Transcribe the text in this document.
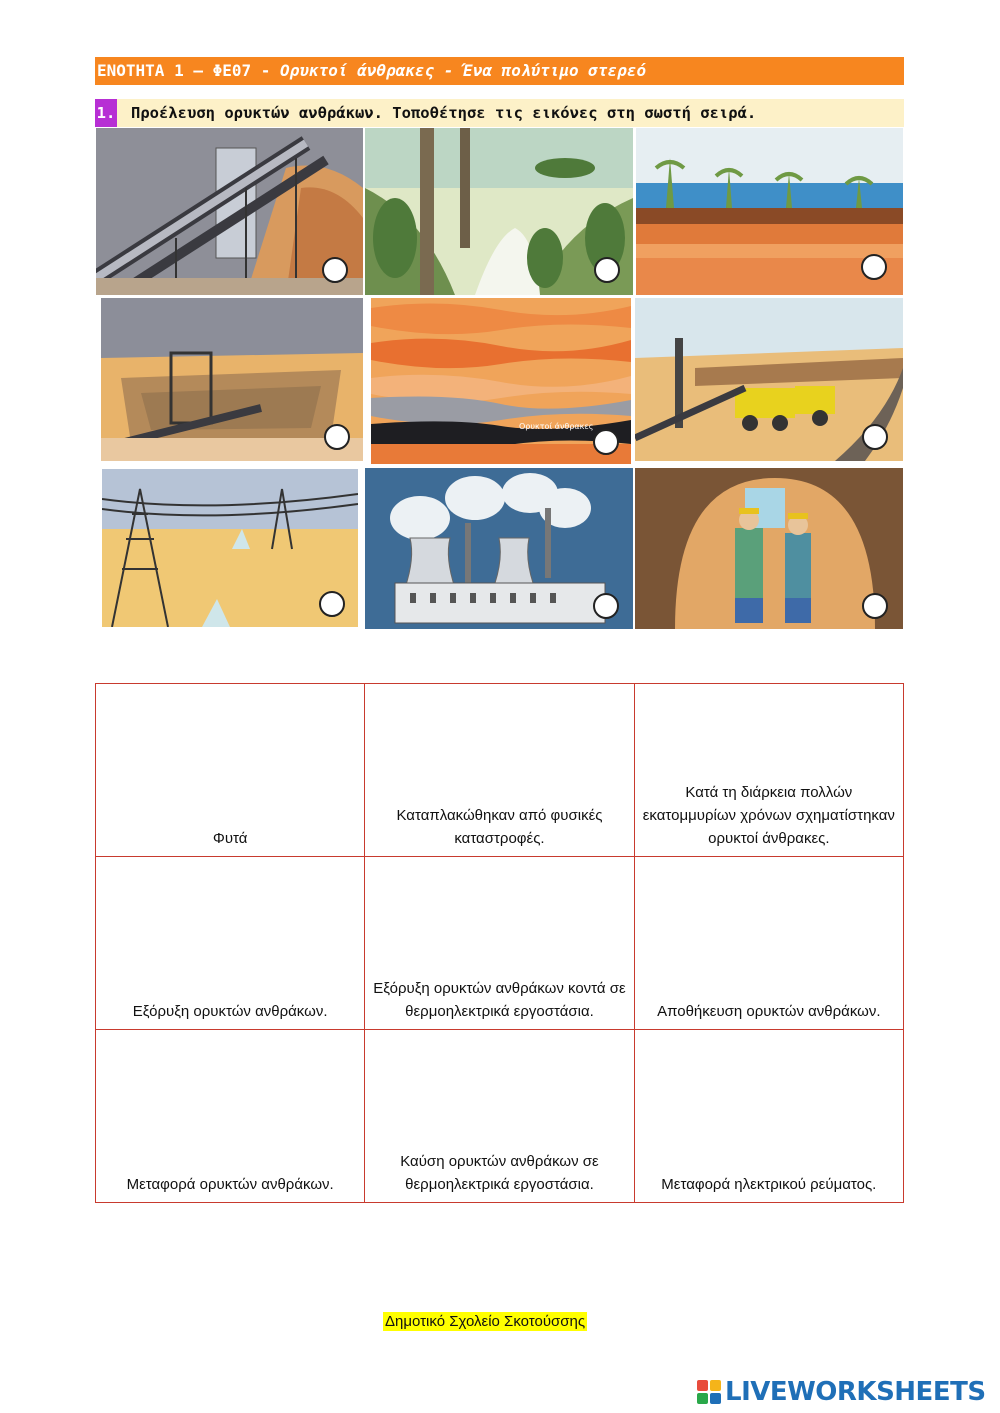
ΕΝΟΤΗΤΑ 1 – ΦΕ07 - Ορυκτοί άνθρακες - Ένα πολύτιμο στερεό
1. Προέλευση ορυκτών ανθράκων. Τοποθέτησε τις εικόνες στη σωστή σειρά.
Ορυκτοί άνθρακες
Φυτά	Καταπλακώθηκαν από φυσικές καταστροφές.	Κατά τη διάρκεια πολλών εκατομμυρίων χρόνων σχηματίστηκαν ορυκτοί άνθρακες.
Εξόρυξη ορυκτών ανθράκων.	Εξόρυξη ορυκτών ανθράκων κοντά σε θερμοηλεκτρικά εργοστάσια.	Αποθήκευση ορυκτών ανθράκων.
Μεταφορά ορυκτών ανθράκων.	Καύση ορυκτών ανθράκων σε θερμοηλεκτρικά εργοστάσια.	Μεταφορά ηλεκτρικού ρεύματος.
Δημοτικό Σχολείο Σκοτούσσης
LIVEWORKSHEETS
